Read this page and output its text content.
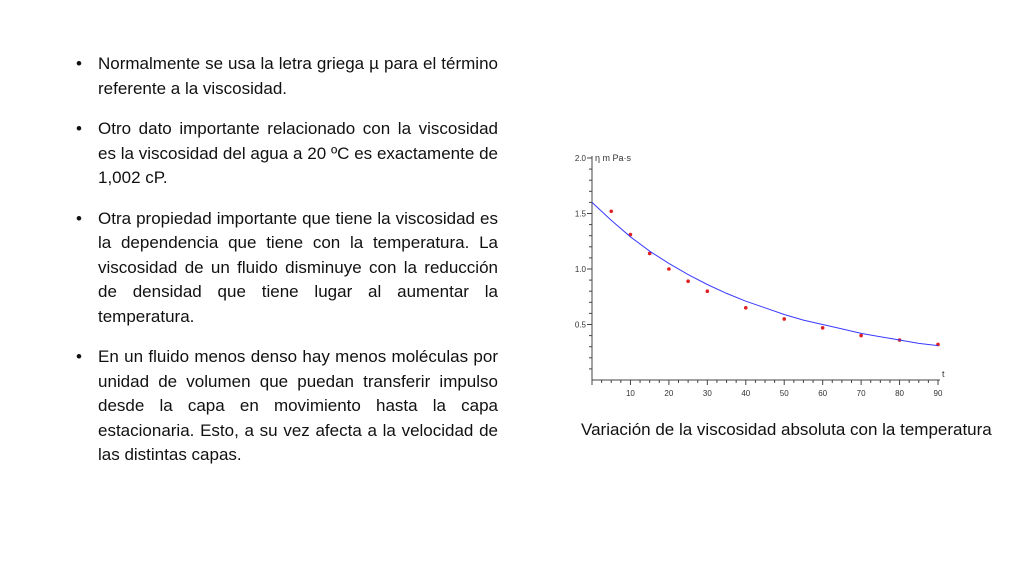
• Normalmente se usa la letra griega µ para el término referente a la viscosidad.
• Otro dato importante relacionado con la viscosidad es la viscosidad del agua a 20 ºC es exactamente de 1,002 cP.
• Otra propiedad importante que tiene la viscosidad es la dependencia que tiene con la temperatura. La viscosidad de un fluido disminuye con la reducción de densidad que tiene lugar al aumentar la temperatura.
• En un fluido menos denso hay menos moléculas por unidad de volumen que puedan transferir impulso desde la capa en movimiento hasta la capa estacionaria. Esto, a su vez afecta a la velocidad de las distintas capas.
10	20	30	40	50	60	70	80	90
0.5
1.0
1.5
2.0 η m Pa·s
t
Variación de la viscosidad absoluta con la temperatura
